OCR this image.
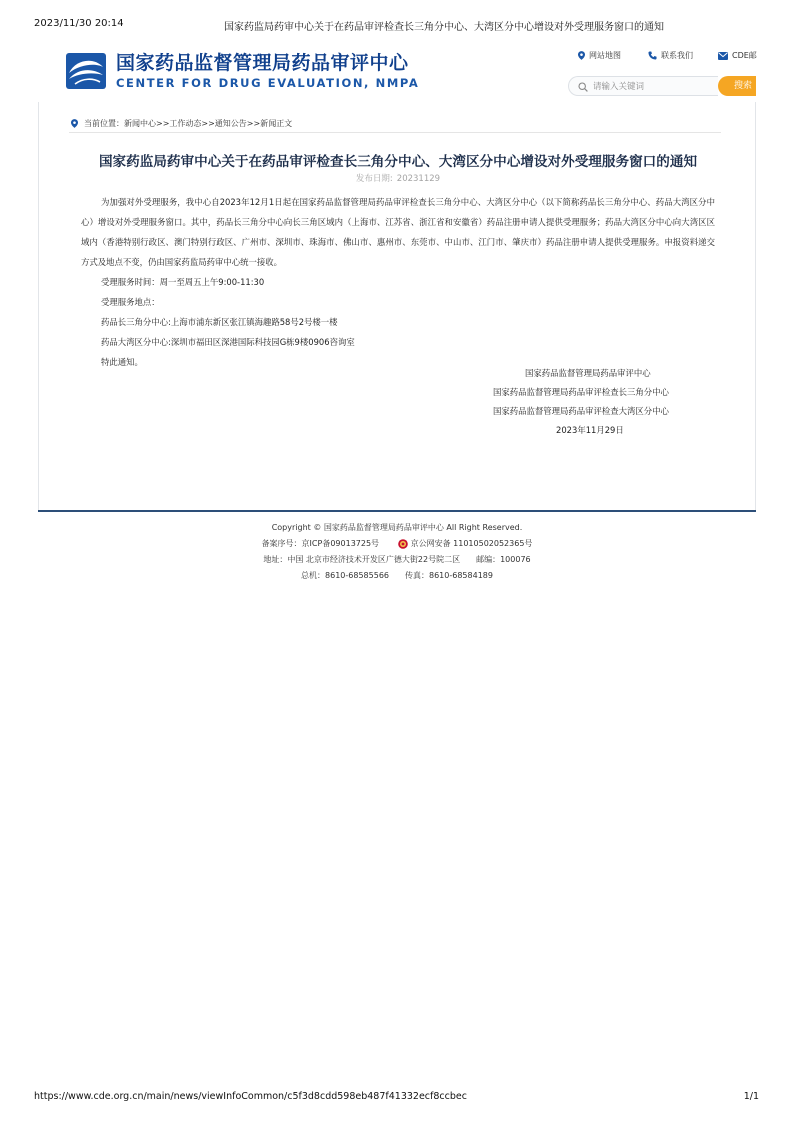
2023/11/30 20:14	国家药监局药审中心关于在药品审评检查长三角分中心、大湾区分中心增设对外受理服务窗口的通知
国家药品监督管理局药品审评中心
CENTER FOR DRUG EVALUATION, NMPA
网站地图	联系我们	CDE邮
请输入关键词
搜索
当前位置： 新闻中心>>工作动态>>通知公告>>新闻正文
国家药监局药审中心关于在药品审评检查长三角分中心、大湾区分中心增设对外受理服务窗口的通知
发布日期: 20231129

为加强对外受理服务，我中心自2023年12月1日起在国家药品监督管理局药品审评检查长三角分中心、大湾区分中心（以下简称药品长三角分中心、药品大湾区分中心）增设对外受理服务窗口。其中，药品长三角分中心向长三角区域内（上海市、江苏省、浙江省和安徽省）药品注册申请人提供受理服务；药品大湾区分中心向大湾区区域内（香港特别行政区、澳门特别行政区、广州市、深圳市、珠海市、佛山市、惠州市、东莞市、中山市、江门市、肇庆市）药品注册申请人提供受理服务。申报资料递交方式及地点不变，仍由国家药监局药审中心统一接收。

受理服务时间：周一至周五上午9:00-11:30

受理服务地点：

药品长三角分中心:上海市浦东新区张江镇海趣路58号2号楼一楼

药品大湾区分中心:深圳市福田区深港国际科技园G栋9楼0906咨询室

特此通知。

国家药品监督管理局药品审评中心
国家药品监督管理局药品审评检查长三角分中心
国家药品监督管理局药品审评检查大湾区分中心
2023年11月29日
Copyright © 国家药品监督管理局药品审评中心 All Right Reserved.
备案序号：京ICP备09013725号	京公网安备 11010502052365号
地址：中国 北京市经济技术开发区广德大街22号院二区 邮编：100076
总机：8610-68585566 传真：8610-68584189
https://www.cde.org.cn/main/news/viewInfoCommon/c5f3d8cdd598eb487f41332ecf8ccbec	1/1
